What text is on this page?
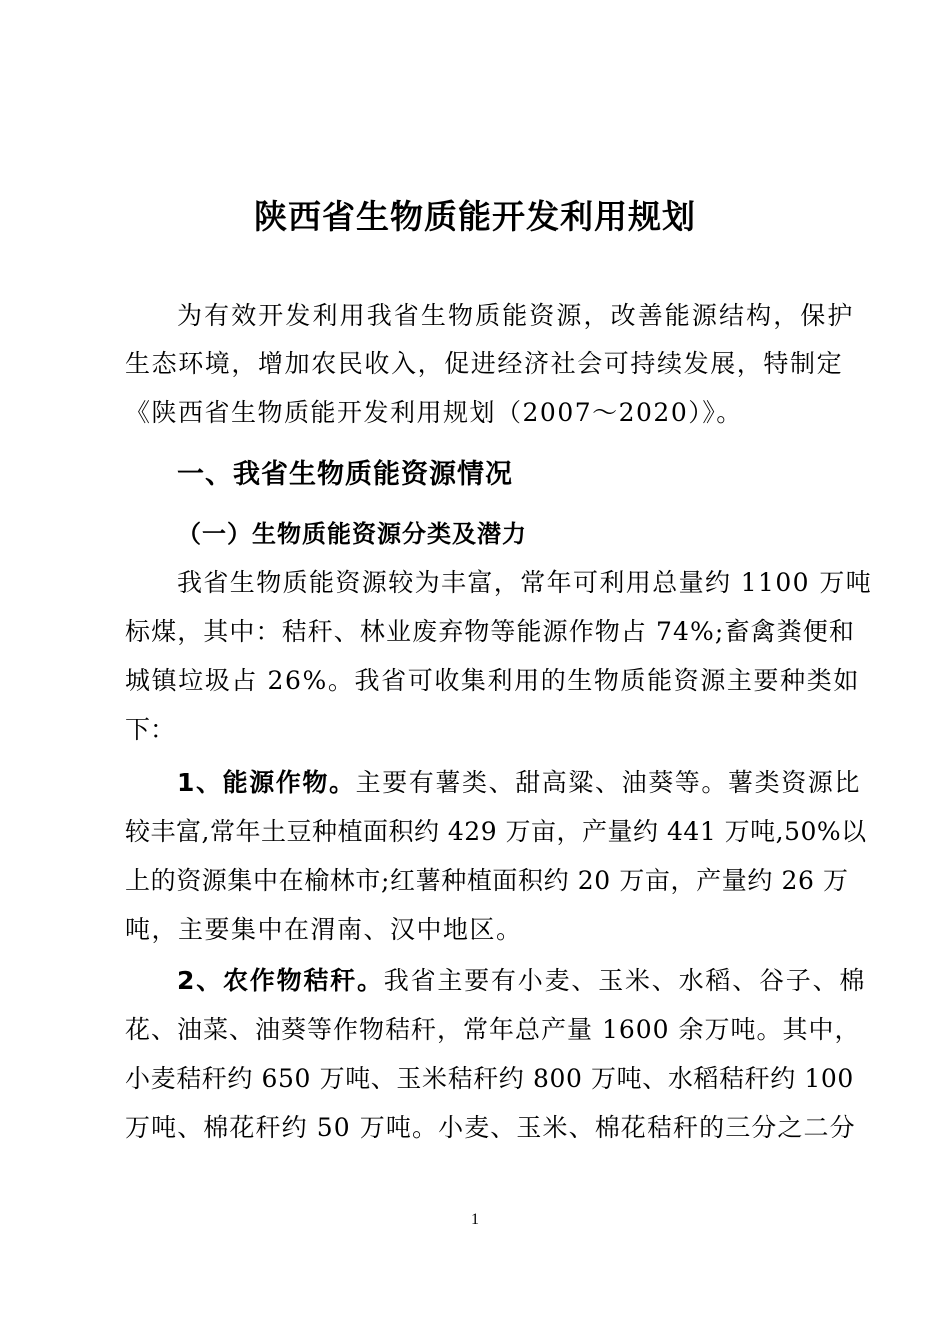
陕西省生物质能开发利用规划

为有效开发利用我省生物质能资源，改善能源结构，保护

生态环境，增加农民收入，促进经济社会可持续发展，特制定

《陕西省生物质能开发利用规划（2007～2020）》。

一、我省生物质能资源情况
（一）生物质能资源分类及潜力

我省生物质能资源较为丰富，常年可利用总量约 1100 万吨

标煤，其中：秸秆、林业废弃物等能源作物占 74%;畜禽粪便和

城镇垃圾占 26%。我省可收集利用的生物质能资源主要种类如

下：

1、能源作物。主要有薯类、甜高粱、油葵等。薯类资源比

较丰富,常年土豆种植面积约 429 万亩，产量约 441 万吨,50%以

上的资源集中在榆林市;红薯种植面积约 20 万亩，产量约 26 万

吨，主要集中在渭南、汉中地区。

2、农作物秸秆。我省主要有小麦、玉米、水稻、谷子、棉

花、油菜、油葵等作物秸秆，常年总产量 1600 余万吨。其中，

小麦秸秆约 650 万吨、玉米秸秆约 800 万吨、水稻秸秆约 100

万吨、棉花秆约 50 万吨。小麦、玉米、棉花秸秆的三分之二分

1
